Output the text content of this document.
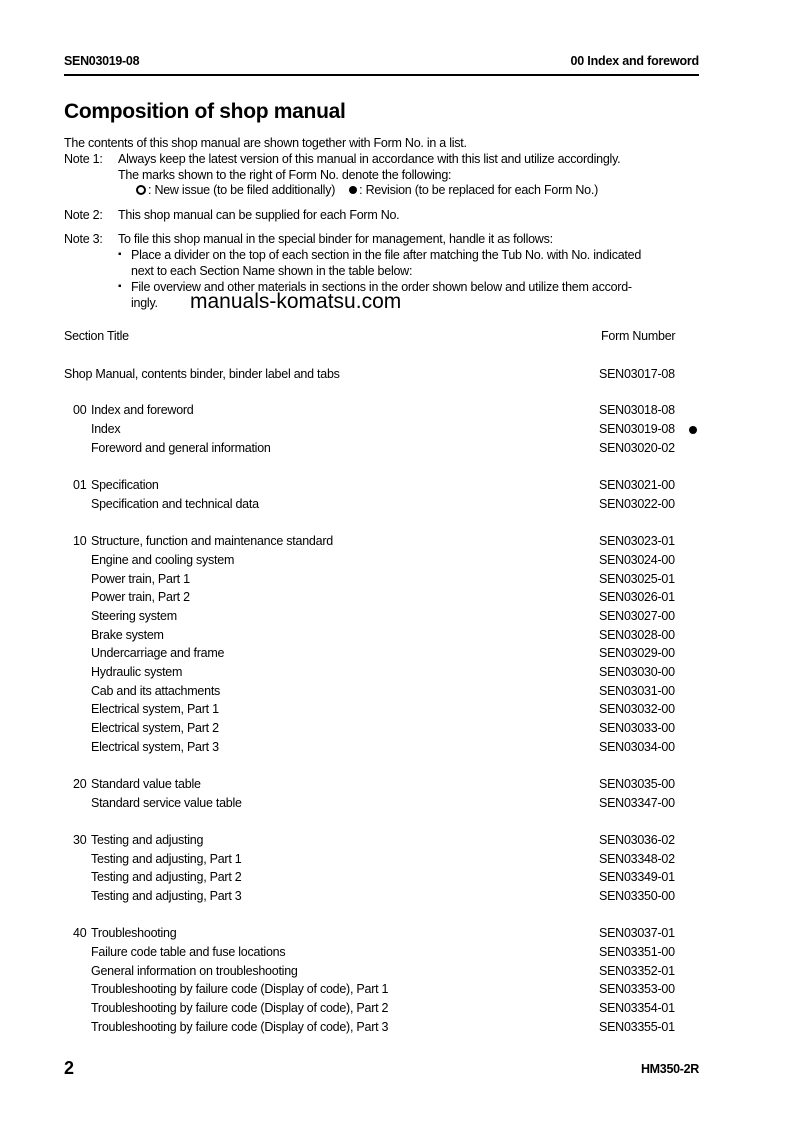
SEN03019-08	00 Index and foreword
Composition of shop manual
The contents of this shop manual are shown together with Form No. in a list.
Note 1: Always keep the latest version of this manual in accordance with this list and utilize accordingly.
The marks shown to the right of Form No. denote the following:
: New issue (to be filed additionally) : Revision (to be replaced for each Form No.)
Note 2: This shop manual can be supplied for each Form No.
Note 3: To file this shop manual in the special binder for management, handle it as follows:
▪ Place a divider on the top of each section in the file after matching the Tub No. with No. indicated
next to each Section Name shown in the table below:
▪ File overview and other materials in sections in the order shown below and utilize them accord-
ingly. manuals-komatsu.com
Section Title	Form Number
Shop Manual, contents binder, binder label and tabs	SEN03017-08
00 Index and foreword	SEN03018-08
Index	SEN03019-08
Foreword and general information	SEN03020-02
01 Specification	SEN03021-00
Specification and technical data	SEN03022-00
10 Structure, function and maintenance standard	SEN03023-01
Engine and cooling system	SEN03024-00
Power train, Part 1	SEN03025-01
Power train, Part 2	SEN03026-01
Steering system	SEN03027-00
Brake system	SEN03028-00
Undercarriage and frame	SEN03029-00
Hydraulic system	SEN03030-00
Cab and its attachments	SEN03031-00
Electrical system, Part 1	SEN03032-00
Electrical system, Part 2	SEN03033-00
Electrical system, Part 3	SEN03034-00
20 Standard value table	SEN03035-00
Standard service value table	SEN03347-00
30 Testing and adjusting	SEN03036-02
Testing and adjusting, Part 1	SEN03348-02
Testing and adjusting, Part 2	SEN03349-01
Testing and adjusting, Part 3	SEN03350-00
40 Troubleshooting	SEN03037-01
Failure code table and fuse locations	SEN03351-00
General information on troubleshooting	SEN03352-01
Troubleshooting by failure code (Display of code), Part 1	SEN03353-00
Troubleshooting by failure code (Display of code), Part 2	SEN03354-01
Troubleshooting by failure code (Display of code), Part 3	SEN03355-01
2	HM350-2R
